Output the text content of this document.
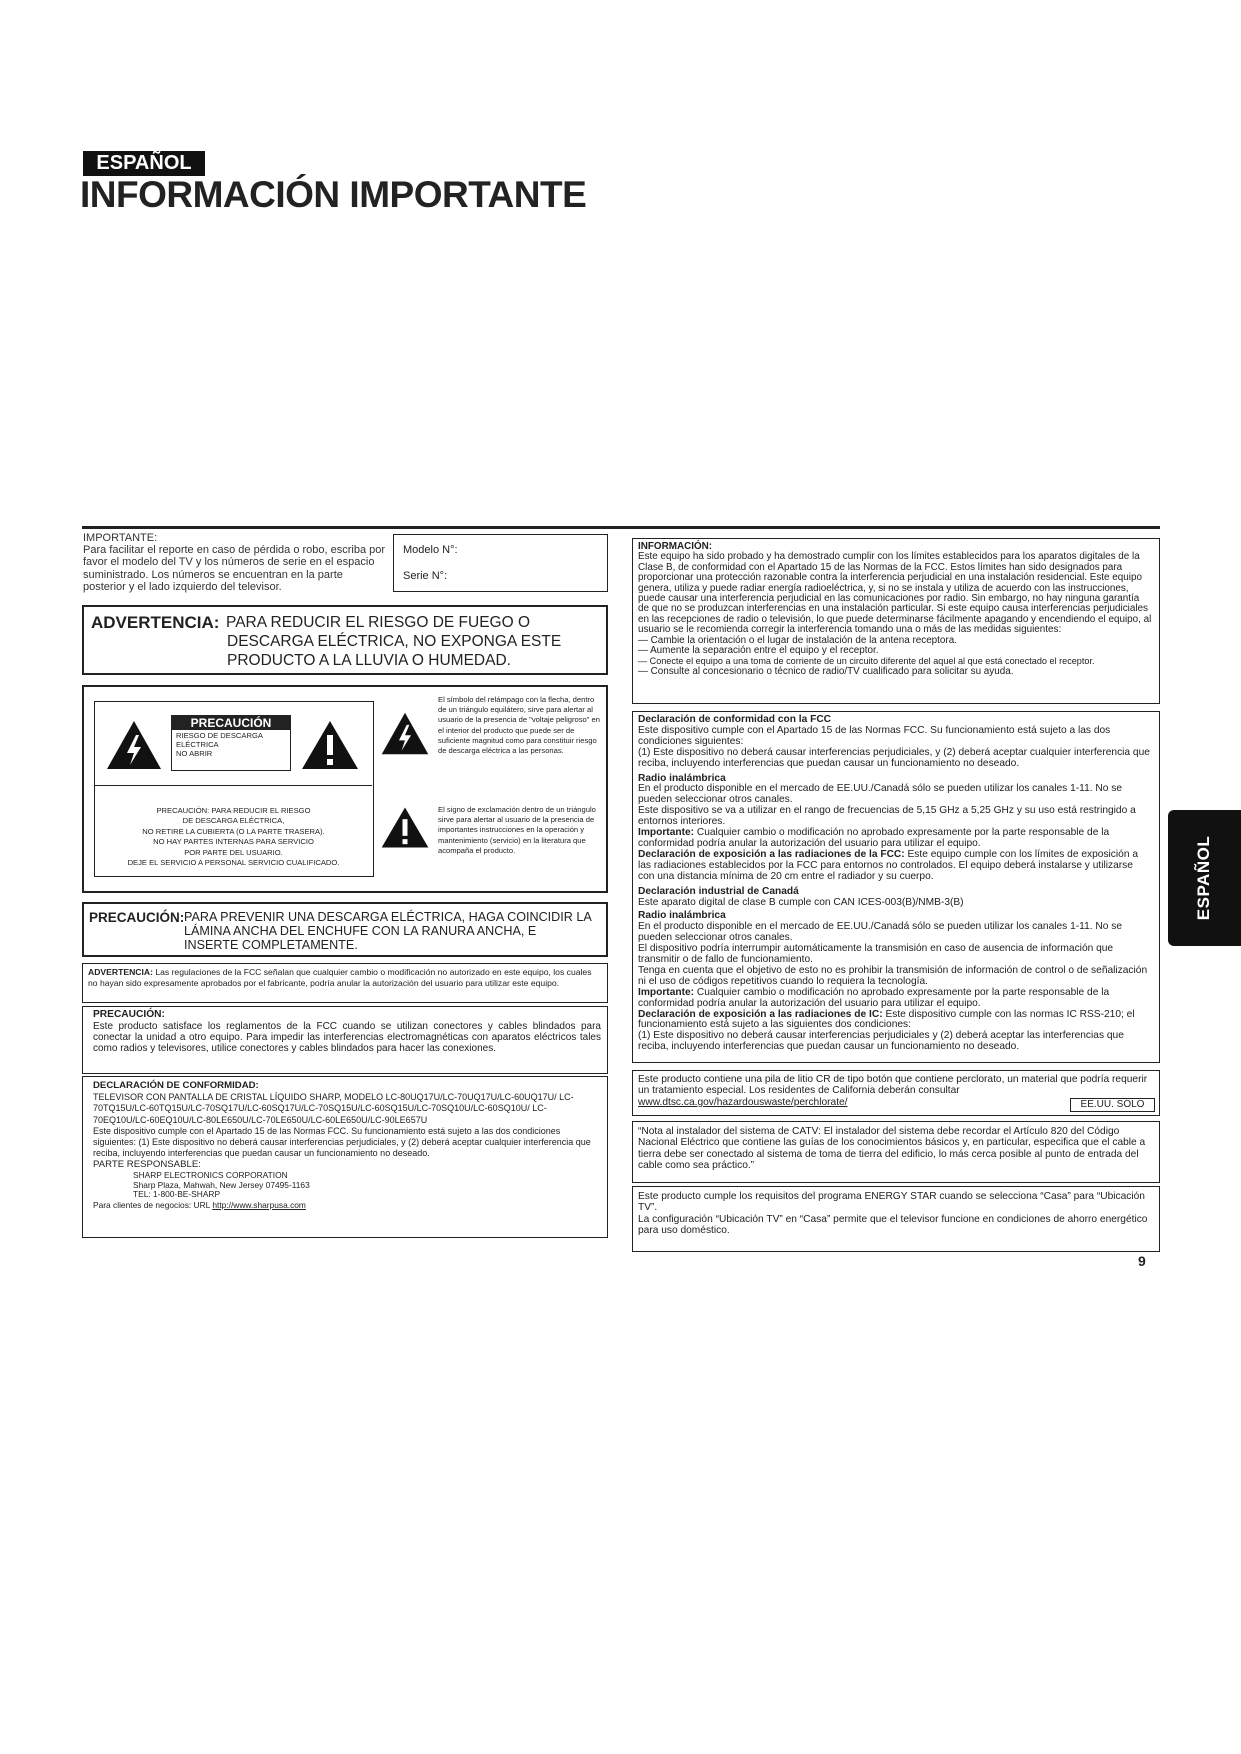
ESPAÑOL
INFORMACIÓN IMPORTANTE
IMPORTANTE:
Para facilitar el reporte en caso de pérdida o robo, escriba por favor el modelo del TV y los números de serie en el espacio suministrado. Los números se encuentran en la parte posterior y el lado izquierdo del televisor.
Modelo N°:
Serie N°:
ADVERTENCIA: PARA REDUCIR EL RIESGO DE FUEGO O DESCARGA ELÉCTRICA, NO EXPONGA ESTE PRODUCTO A LA LLUVIA O HUMEDAD.
PRECAUCIÓN
RIESGO DE DESCARGA
ELÉCTRICA
NO ABRIR
PRECAUCIÓN: PARA REDUCIR EL RIESGO
DE DESCARGA ELÉCTRICA,
NO RETIRE LA CUBIERTA (O LA PARTE TRASERA).
NO HAY PARTES INTERNAS PARA SERVICIO
POR PARTE DEL USUARIO.
DEJE EL SERVICIO A PERSONAL SERVICIO CUALIFICADO.
El símbolo del relámpago con la flecha, dentro de un triángulo equilátero, sirve para alertar al usuario de la presencia de "voltaje peligroso" en el interior del producto que puede ser de suficiente magnitud como para constituir riesgo de descarga eléctrica a las personas.
El signo de exclamación dentro de un triángulo sirve para alertar al usuario de la presencia de importantes instrucciones en la operación y mantenimiento (servicio) en la literatura que acompaña el producto.
PRECAUCIÓN: PARA PREVENIR UNA DESCARGA ELÉCTRICA, HAGA COINCIDIR LA LÁMINA ANCHA DEL ENCHUFE CON LA RANURA ANCHA, E INSERTE COMPLETAMENTE.
ADVERTENCIA: Las regulaciones de la FCC señalan que cualquier cambio o modificación no autorizado en este equipo, los cuales no hayan sido expresamente aprobados por el fabricante, podría anular la autorización del usuario para utilizar este equipo.
PRECAUCIÓN:
Este producto satisface los reglamentos de la FCC cuando se utilizan conectores y cables blindados para conectar la unidad a otro equipo. Para impedir las interferencias electromagnéticas con aparatos eléctricos tales como radios y televisores, utilice conectores y cables blindados para hacer las conexiones.
DECLARACIÓN DE CONFORMIDAD:
TELEVISOR CON PANTALLA DE CRISTAL LÍQUIDO SHARP, MODELO LC-80UQ17U/LC-70UQ17U/LC-60UQ17U/ LC-70TQ15U/LC-60TQ15U/LC-70SQ17U/LC-60SQ17U/LC-70SQ15U/LC-60SQ15U/LC-70SQ10U/LC-60SQ10U/ LC-70EQ10U/LC-60EQ10U/LC-80LE650U/LC-70LE650U/LC-60LE650U/LC-90LE657U
Este dispositivo cumple con el Apartado 15 de las Normas FCC. Su funcionamiento está sujeto a las dos condiciones siguientes: (1) Este dispositivo no deberá causar interferencias perjudiciales, y (2) deberá aceptar cualquier interferencia que reciba, incluyendo interferencias que puedan causar un funcionamiento no deseado.
PARTE RESPONSABLE:
SHARP ELECTRONICS CORPORATION
Sharp Plaza, Mahwah, New Jersey 07495-1163
TEL: 1-800-BE-SHARP
Para clientes de negocios: URL http://www.sharpusa.com
INFORMACIÓN:
Este equipo ha sido probado y ha demostrado cumplir con los límites establecidos para los aparatos digitales de la Clase B, de conformidad con el Apartado 15 de las Normas de la FCC. Estos límites han sido designados para proporcionar una protección razonable contra la interferencia perjudicial en una instalación residencial. Este equipo genera, utiliza y puede radiar energía radioeléctrica, y, si no se instala y utiliza de acuerdo con las instrucciones, puede causar una interferencia perjudicial en las comunicaciones por radio. Sin embargo, no hay ninguna garantía de que no se produzcan interferencias en una instalación particular. Si este equipo causa interferencias perjudiciales en las recepciones de radio o televisión, lo que puede determinarse fácilmente apagando y encendiendo el equipo, al usuario se le recomienda corregir la interferencia tomando una o más de las medidas siguientes:
— Cambie la orientación o el lugar de instalación de la antena receptora.
— Aumente la separación entre el equipo y el receptor.
— Conecte el equipo a una toma de corriente de un circuito diferente del aquel al que está conectado el receptor.
— Consulte al concesionario o técnico de radio/TV cualificado para solicitar su ayuda.
Declaración de conformidad con la FCC
Este dispositivo cumple con el Apartado 15 de las Normas FCC. Su funcionamiento está sujeto a las dos condiciones siguientes:
(1) Este dispositivo no deberá causar interferencias perjudiciales, y (2) deberá aceptar cualquier interferencia que reciba, incluyendo interferencias que puedan causar un funcionamiento no deseado.
Radio inalámbrica
En el producto disponible en el mercado de EE.UU./Canadá sólo se pueden utilizar los canales 1-11. No se pueden seleccionar otros canales.
Este dispositivo se va a utilizar en el rango de frecuencias de 5,15 GHz a 5,25 GHz y su uso está restringido a entornos interiores.
Importante: Cualquier cambio o modificación no aprobado expresamente por la parte responsable de la conformidad podría anular la autorización del usuario para utilizar el equipo.
Declaración de exposición a las radiaciones de la FCC: Este equipo cumple con los límites de exposición a las radiaciones establecidos por la FCC para entornos no controlados. El equipo deberá instalarse y utilizarse con una distancia mínima de 20 cm entre el radiador y su cuerpo.
Declaración industrial de Canadá
Este aparato digital de clase B cumple con CAN ICES-003(B)/NMB-3(B)
Radio inalámbrica
En el producto disponible en el mercado de EE.UU./Canadá sólo se pueden utilizar los canales 1-11. No se pueden seleccionar otros canales.
El dispositivo podría interrumpir automáticamente la transmisión en caso de ausencia de información que transmitir o de fallo de funcionamiento.
Tenga en cuenta que el objetivo de esto no es prohibir la transmisión de información de control o de señalización ni el uso de códigos repetitivos cuando lo requiera la tecnología.
Importante: Cualquier cambio o modificación no aprobado expresamente por la parte responsable de la conformidad podría anular la autorización del usuario para utilizar el equipo.
Declaración de exposición a las radiaciones de IC: Este dispositivo cumple con las normas IC RSS-210; el funcionamiento está sujeto a las siguientes dos condiciones:
(1) Este dispositivo no deberá causar interferencias perjudiciales y (2) deberá aceptar las interferencias que reciba, incluyendo interferencias que puedan causar un funcionamiento no deseado.
Este producto contiene una pila de litio CR de tipo botón que contiene perclorato, un material que podría requerir un tratamiento especial. Los residentes de California deberán consultar
www.dtsc.ca.gov/hazardouswaste/perchlorate/	EE.UU. SÓLO
“Nota al instalador del sistema de CATV: El instalador del sistema debe recordar el Artículo 820 del Código Nacional Eléctrico que contiene las guías de los conocimientos básicos y, en particular, especifica que el cable a tierra debe ser conectado al sistema de toma de tierra del edificio, lo más cerca posible al punto de entrada del cable como sea práctico.”
Este producto cumple los requisitos del programa ENERGY STAR cuando se selecciona “Casa” para “Ubicación TV”.
La configuración “Ubicación TV” en “Casa” permite que el televisor funcione en condiciones de ahorro energético para uso doméstico.
ESPAÑOL
9
